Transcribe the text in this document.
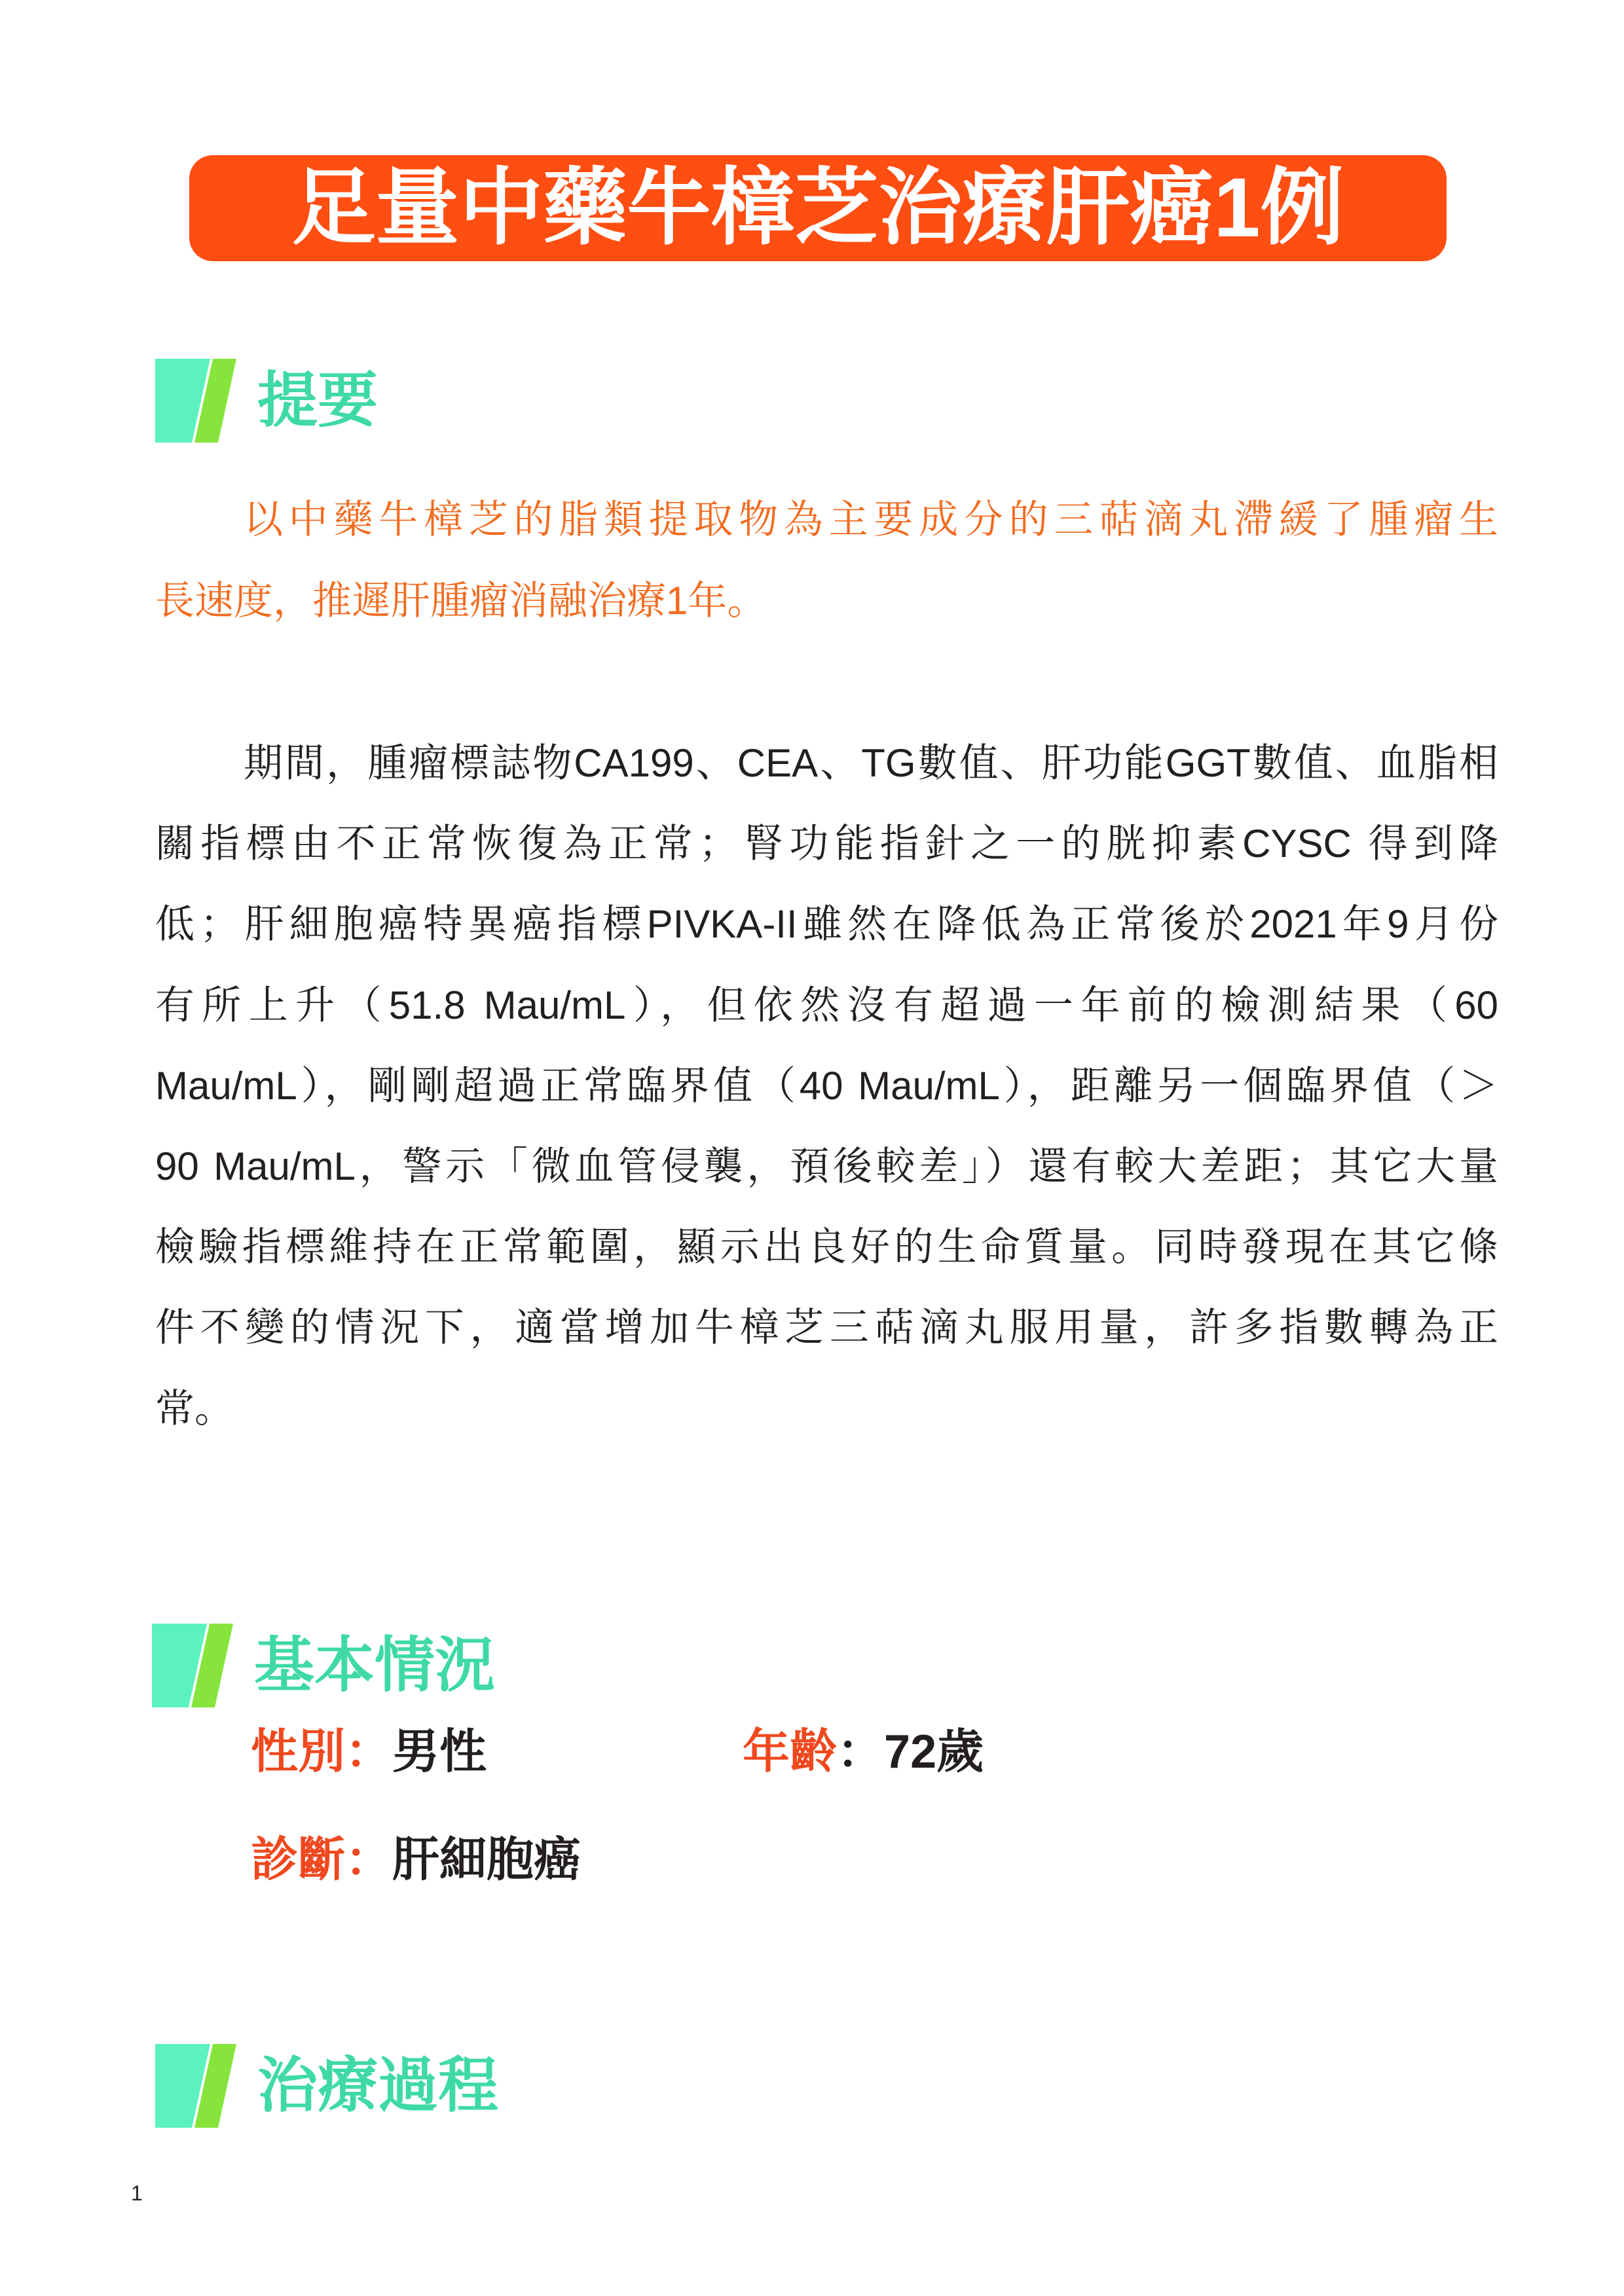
足量中藥牛樟芝治療肝癌1例
提要
以中藥牛樟芝的脂類提取物為主要成分的三萜滴丸滯緩了腫瘤生
長速度，推遲肝腫瘤消融治療1年。
期間，腫瘤標誌物CA199、CEA、TG數值、肝功能GGT數值、血脂相
關指標由不正常恢復為正常；腎功能指針之一的胱抑素CYSC 得到降
低；肝細胞癌特異癌指標PIVKA-II雖然在降低為正常後於2021年9月份
有所上升（51.8 Mau/mL），但依然沒有超過一年前的檢測結果（60
Mau/mL），剛剛超過正常臨界值（40 Mau/mL），距離另一個臨界值（＞
90 Mau/mL，警示「微血管侵襲，預後較差」）還有較大差距；其它大量
檢驗指標維持在正常範圍，顯示出良好的生命質量。同時發現在其它條
件不變的情況下，適當增加牛樟芝三萜滴丸服用量，許多指數轉為正
常。
基本情況
性別：男性	年齡：72歲
診斷：肝細胞癌
治療過程
1
